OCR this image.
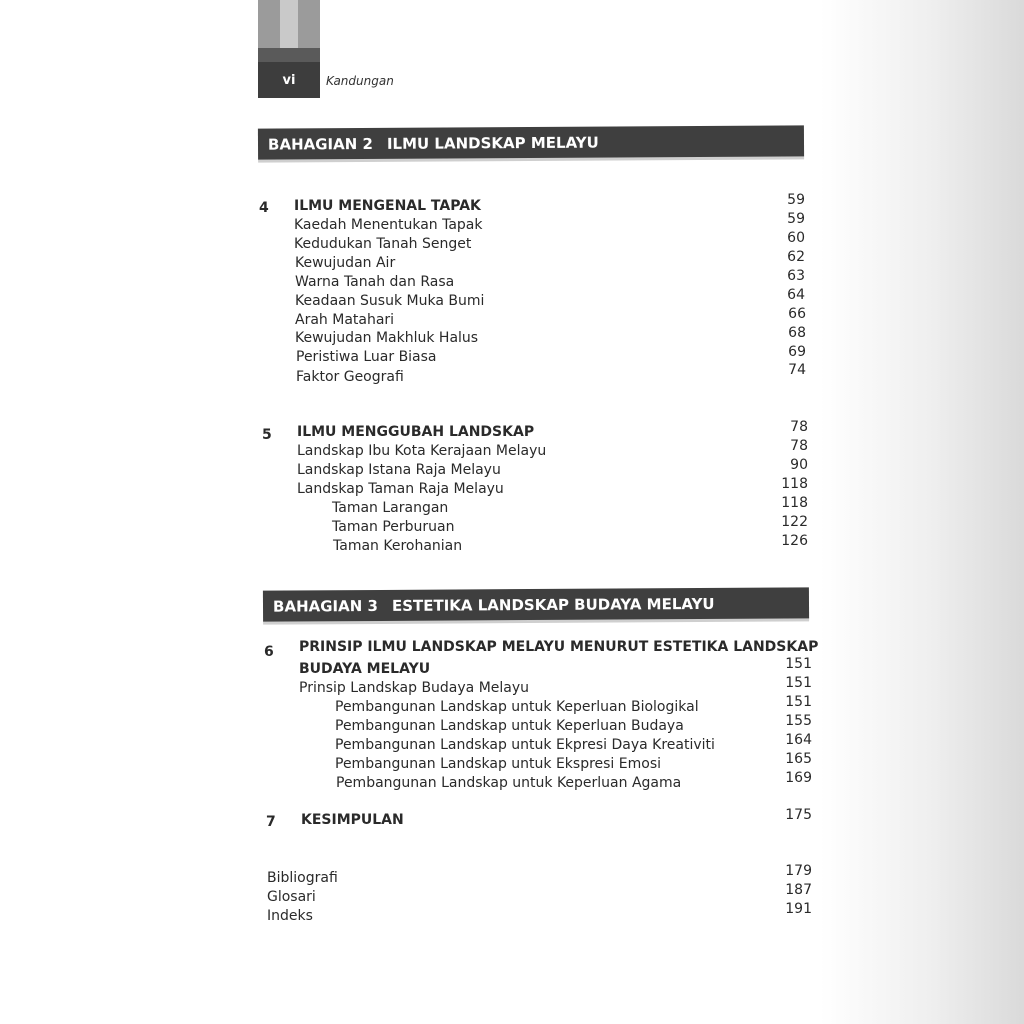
vi	Kandungan
BAHAGIAN 2 ILMU LANDSKAP MELAYU
4 ILMU MENGENAL TAPAK	59
Kaedah Menentukan Tapak	59
Kedudukan Tanah Senget	60
Kewujudan Air	62
Warna Tanah dan Rasa	63
Keadaan Susuk Muka Bumi	64
Arah Matahari	66
Kewujudan Makhluk Halus	68
Peristiwa Luar Biasa	69
Faktor Geografi	74
5 ILMU MENGGUBAH LANDSKAP	78
Landskap Ibu Kota Kerajaan Melayu	78
Landskap Istana Raja Melayu	90
Landskap Taman Raja Melayu	118
Taman Larangan	118
Taman Perburuan	122
Taman Kerohanian	126
BAHAGIAN 3 ESTETIKA LANDSKAP BUDAYA MELAYU
6 PRINSIP ILMU LANDSKAP MELAYU MENURUT ESTETIKA LANDSKAP
BUDAYA MELAYU	151
Prinsip Landskap Budaya Melayu	151
Pembangunan Landskap untuk Keperluan Biologikal	151
Pembangunan Landskap untuk Keperluan Budaya	155
Pembangunan Landskap untuk Ekpresi Daya Kreativiti	164
Pembangunan Landskap untuk Ekspresi Emosi	165
Pembangunan Landskap untuk Keperluan Agama	169
7 KESIMPULAN	175
Bibliografi	179
Glosari	187
Indeks	191
